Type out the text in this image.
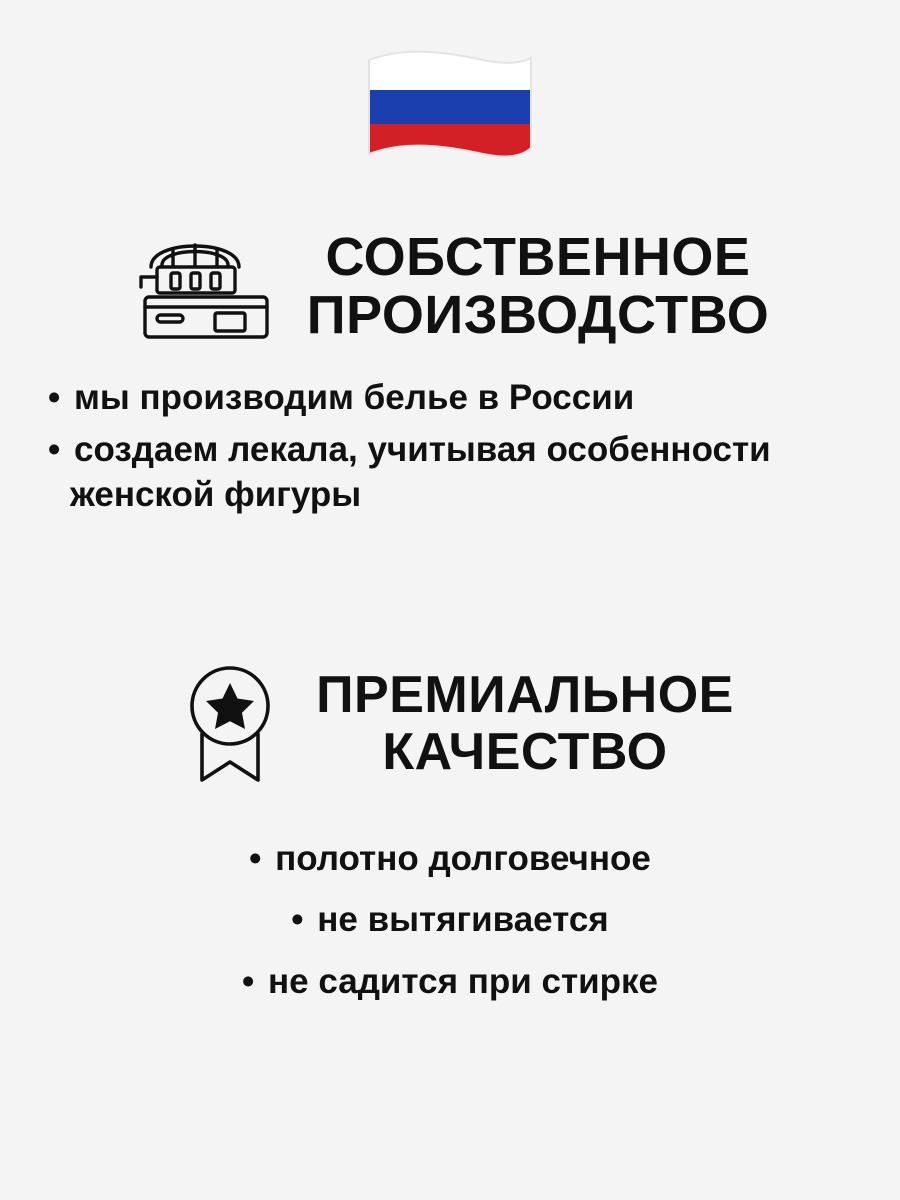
СОБСТВЕННОЕ
ПРОИЗВОДСТВО
• мы производим белье в России
• создаем лекала, учитывая особенности женской фигуры
ПРЕМИАЛЬНОЕ
КАЧЕСТВО
• полотно долговечное
• не вытягивается
• не садится при стирке
